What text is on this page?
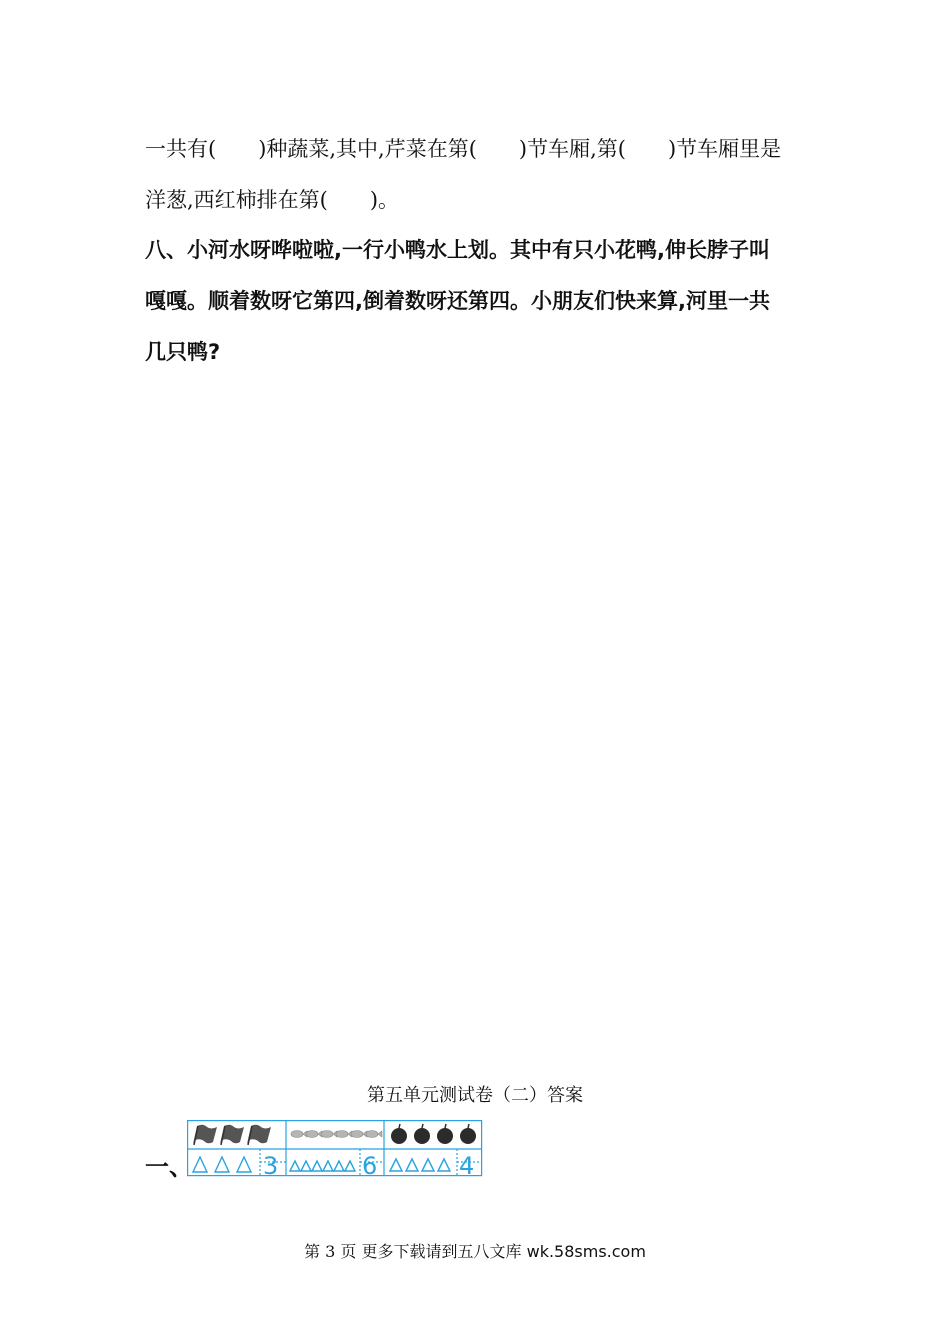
一共有(　　)种蔬菜,其中,芹菜在第(　　)节车厢,第(　　)节车厢里是
洋葱,西红柿排在第(　　)。
八、小河水呀哗啦啦,一行小鸭水上划。其中有只小花鸭,伸长脖子叫
嘎嘎。顺着数呀它第四,倒着数呀还第四。小朋友们快来算,河里一共
几只鸭?
第五单元测试卷（二）答案
一、	3	6	4
第 3 页 更多下载请到五八文库 wk.58sms.com
